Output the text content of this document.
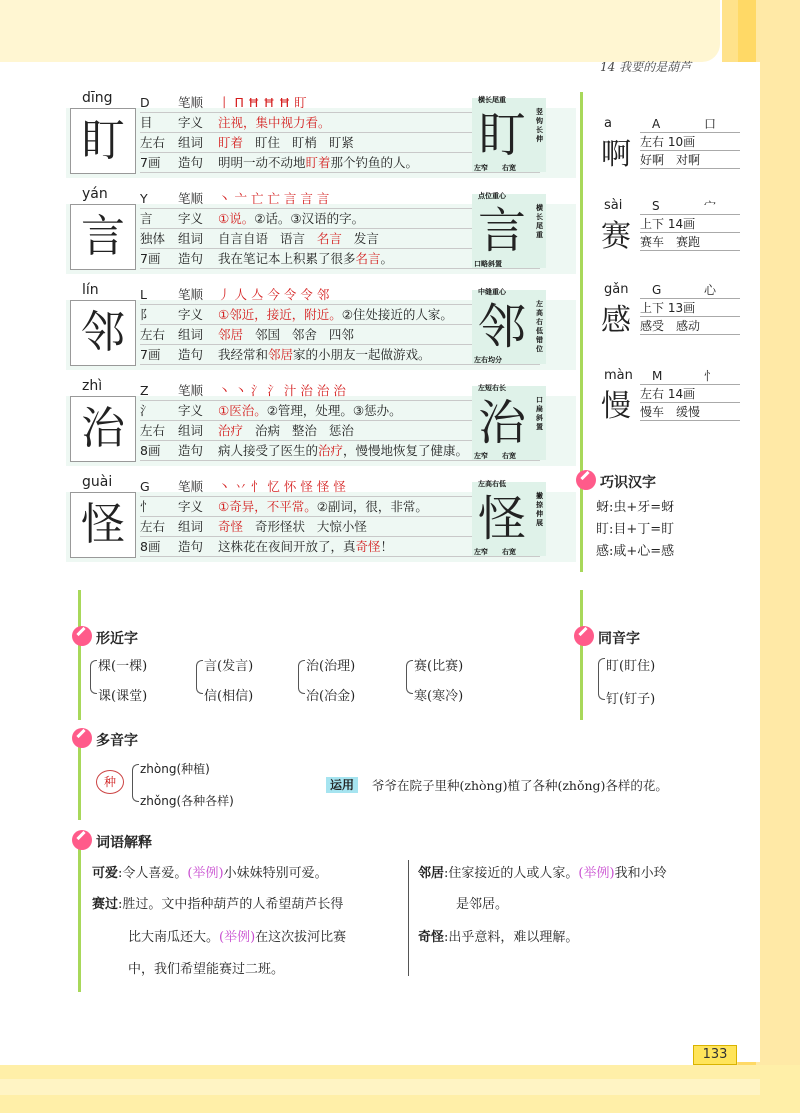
14 我要的是葫芦
dīng
盯
D	笔顺	丨 П Ħ Ħ Ħ 盯
目	字义	注视，集中视力看。
左右	组词	盯着 盯住 盯梢 盯紧
7画	造句	明明一动不动地盯着那个钓鱼的人。 盯
横长尾重
竖钩长伸
左窄 右宽
yán
言
Y	笔顺	丶 亠 亡 亡 言 言 言
言	字义	①说。②话。③汉语的字。
独体	组词	自言自语 语言 名言 发言
7画	造句	我在笔记本上积累了很多名言。 言
点位重心
横长尾重
口略斜置
lín
邻
L	笔顺	丿 人 亼 今 令 令 邻
阝	字义	①邻近，接近，附近。②住处接近的人家。
左右	组词	邻居 邻国 邻舍 四邻
7画	造句	我经常和邻居家的小朋友一起做游戏。 邻
中缝重心
左高右低错位
左右均分
zhì
治
Z	笔顺	丶 丶 氵 氵 汁 治 治 治
氵	字义	①医治。②管理，处理。③惩办。
左右	组词	治疗 治病 整治 惩治
8画	造句	病人接受了医生的治疗，慢慢地恢复了健康。 治
左短右长
口扁斜置
左窄 右宽
guài
怪
G	笔顺	丶 丷 忄 忆 怀 怪 怪 怪
忄	字义	①奇异，不平常。②副词，很，非常。
左右	组词	奇怪 奇形怪状 大惊小怪
8画	造句	这株花在夜间开放了，真奇怪！ 怪
左高右低
撇捺伸展
左窄 右宽
a
啊
A	口
左右 10画
好啊　对啊
sài
赛
S	宀
上下 14画
赛车　赛跑
gǎn
感
G	心
上下 13画
感受　感动
màn
慢
M	忄
左右 14画
慢车　缓慢
巧识汉字
蚜:虫+牙=蚜
盯:目+丁=盯
感:咸+心=感
形近字
棵(一棵)
课(课堂)
言(发言)
信(相信)
治(治理)
冶(冶金)
赛(比赛)
寒(寒冷)
同音字
盯(盯住)
钉(钉子)
多音字
种
zhòng(种植)
zhǒng(各种各样)
运用	爷爷在院子里种(zhòng)植了各种(zhǒng)各样的花。
词语解释
可爱:令人喜爱。(举例)小妹妹特别可爱。
赛过:胜过。文中指种葫芦的人希望葫芦长得
比大南瓜还大。(举例)在这次拔河比赛
中，我们希望能赛过二班。
邻居:住家接近的人或人家。(举例)我和小玲
是邻居。
奇怪:出乎意料，难以理解。
133
